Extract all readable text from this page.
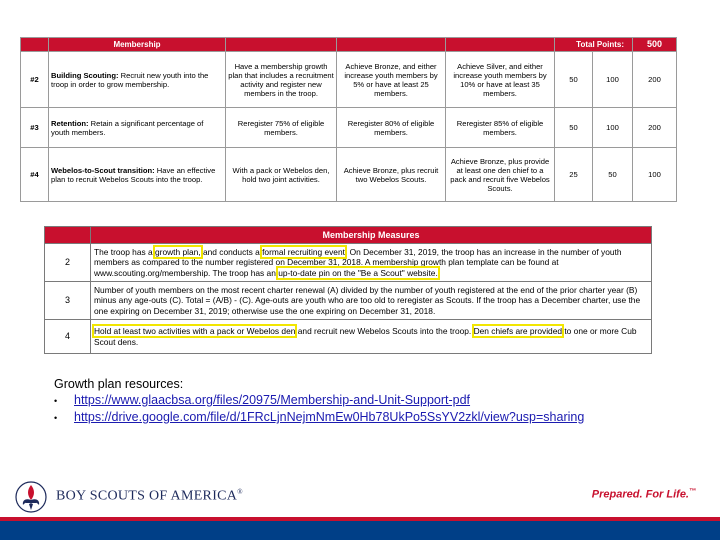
	Membership				Total Points:		500
#2	Building Scouting: Recruit new youth into the troop in order to grow membership.	Have a membership growth plan that includes a recruitment activity and register new members in the troop.	Achieve Bronze, and either increase youth members by 5% or have at least 25 members.	Achieve Silver, and either increase youth members by 10% or have at least 35 members.	50	100	200
#3	Retention: Retain a significant percentage of youth members.	Reregister 75% of eligible members.	Reregister 80% of eligible members.	Reregister 85% of eligible members.	50	100	200
#4	Webelos-to-Scout transition: Have an effective plan to recruit Webelos Scouts into the troop.	With a pack or Webelos den, hold two joint activities.	Achieve Bronze, plus recruit two Webelos Scouts.	Achieve Bronze, plus provide at least one den chief to a pack and recruit five Webelos Scouts.	25	50	100
	Membership Measures
2	The troop has a growth plan, and conducts a formal recruiting event. On December 31, 2019, the troop has an increase in the number of youth members as compared to the number registered on December 31, 2018. A membership growth plan template can be found at www.scouting.org/membership. The troop has an up-to-date pin on the "Be a Scout" website.
3	Number of youth members on the most recent charter renewal (A) divided by the number of youth registered at the end of the prior charter year (B) minus any age-outs (C). Total = (A/B) - (C). Age-outs are youth who are too old to reregister as Scouts. If the troop has a December charter, use the one expiring on December 31, 2019; otherwise use the one expiring on December 31, 2018.
4	Hold at least two activities with a pack or Webelos den and recruit new Webelos Scouts into the troop. Den chiefs are provided to one or more Cub Scout dens.
Growth plan resources:
•	https://www.glaacbsa.org/files/20975/Membership-and-Unit-Support-pdf
•	https://drive.google.com/file/d/1FRcLjnNejmNmEw0Hb78UkPo5SsYV2zkl/view?usp=sharing
BOY SCOUTS OF AMERICA®	Prepared. For Life.™
